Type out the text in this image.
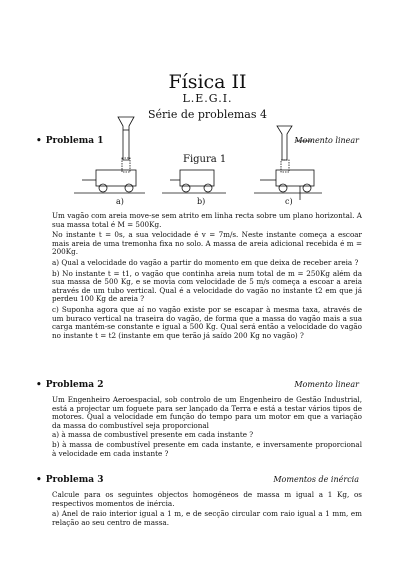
Física II
L.E.G.I.
Série de problemas 4
• Problema 1	Momento linear
Figura 1
a)	b)	c)

Um vagão com areia move-se sem atrito em linha recta sobre um plano horizontal. A sua massa total é M = 500Kg.

No instante t = 0s, a sua velocidade é v = 7m/s. Neste instante começa a escoar mais areia de uma tremonha fixa no solo. A massa de areia adicional recebida é m = 200Kg.

a) Qual a velocidade do vagão a partir do momento em que deixa de receber areia ?

b) No instante t = t1, o vagão que continha areia num total de m = 250Kg além da sua massa de 500 Kg, e se movia com velocidade de 5 m/s começa a escoar a areia através de um tubo vertical. Qual é a velocidade do vagão no instante t2 em que já perdeu 100 Kg de areia ?

c) Suponha agora que aí no vagão existe por se escapar à mesma taxa, através de um buraco vertical na traseira do vagão, de forma que a massa do vagão mais a sua carga mantém-se constante e igual a 500 Kg. Qual será então a velocidade do vagão no instante t = t2 (instante em que terão já saído 200 Kg no vagão) ?

• Problema 2	Momento linear

Um Engenheiro Aeroespacial, sob controlo de um Engenheiro de Gestão Industrial, está a projectar um foguete para ser lançado da Terra e está a testar vários tipos de motores. Qual a velocidade em função do tempo para um motor em que a variação da massa do combustível seja proporcional

a) à massa de combustível presente em cada instante ?

b) à massa de combustível presente em cada instante, e inversamente proporcional à velocidade em cada instante ?

• Problema 3	Momentos de inércia

Calcule para os seguintes objectos homogéneos de massa m igual a 1 Kg, os respectivos momentos de inércia.

a) Anel de raio interior igual a 1 m, e de secção circular com raio igual a 1 mm, em relação ao seu centro de massa.
